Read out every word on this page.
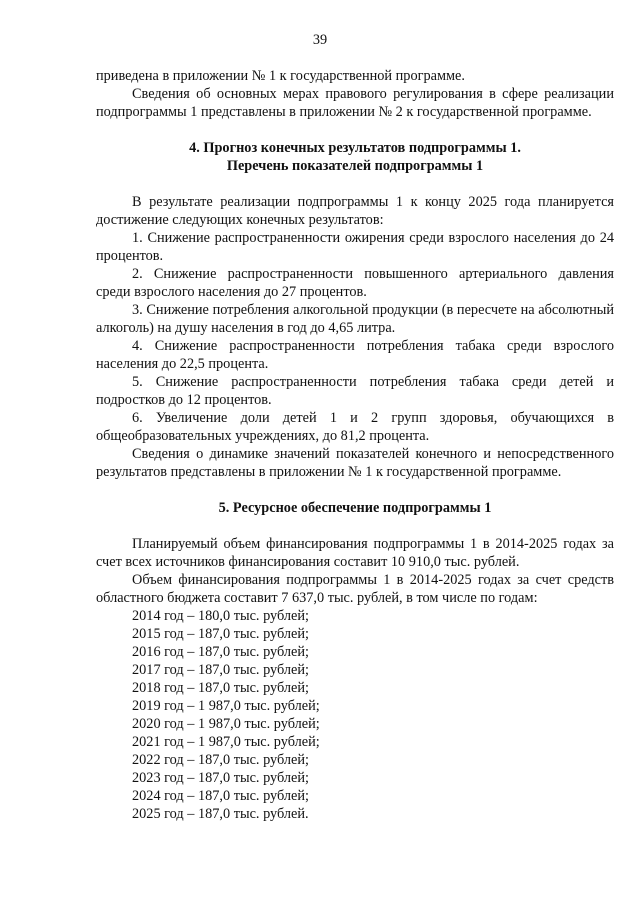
39

приведена в приложении № 1 к государственной программе.

Сведения об основных мерах правового регулирования в сфере реализации подпрограммы 1 представлены в приложении № 2 к государственной программе.

4. Прогноз конечных результатов подпрограммы 1.

Перечень показателей подпрограммы 1

В результате реализации подпрограммы 1 к концу 2025 года планируется достижение следующих конечных результатов:

1. Снижение распространенности ожирения среди взрослого населения до 24 процентов.

2. Снижение распространенности повышенного артериального давления среди взрослого населения до 27 процентов.

3. Снижение потребления алкогольной продукции (в пересчете на абсолютный алкоголь) на душу населения в год до 4,65 литра.

4. Снижение распространенности потребления табака среди взрослого населения до 22,5 процента.

5. Снижение распространенности потребления табака среди детей и подростков до 12 процентов.

6. Увеличение доли детей 1 и 2 групп здоровья, обучающихся в общеобразовательных учреждениях, до 81,2 процента.

Сведения о динамике значений показателей конечного и непосредственного результатов представлены в приложении № 1 к государственной программе.

5. Ресурсное обеспечение подпрограммы 1

Планируемый объем финансирования подпрограммы 1 в 2014-2025 годах за счет всех источников финансирования составит 10 910,0 тыс. рублей.

Объем финансирования подпрограммы 1 в 2014-2025 годах за счет средств областного бюджета составит 7 637,0 тыс. рублей, в том числе по годам:

2014 год – 180,0 тыс. рублей;

2015 год – 187,0 тыс. рублей;

2016 год – 187,0 тыс. рублей;

2017 год – 187,0 тыс. рублей;

2018 год – 187,0 тыс. рублей;

2019 год – 1 987,0 тыс. рублей;

2020 год – 1 987,0 тыс. рублей;

2021 год – 1 987,0 тыс. рублей;

2022 год – 187,0 тыс. рублей;

2023 год – 187,0 тыс. рублей;

2024 год – 187,0 тыс. рублей;

2025 год – 187,0 тыс. рублей.
